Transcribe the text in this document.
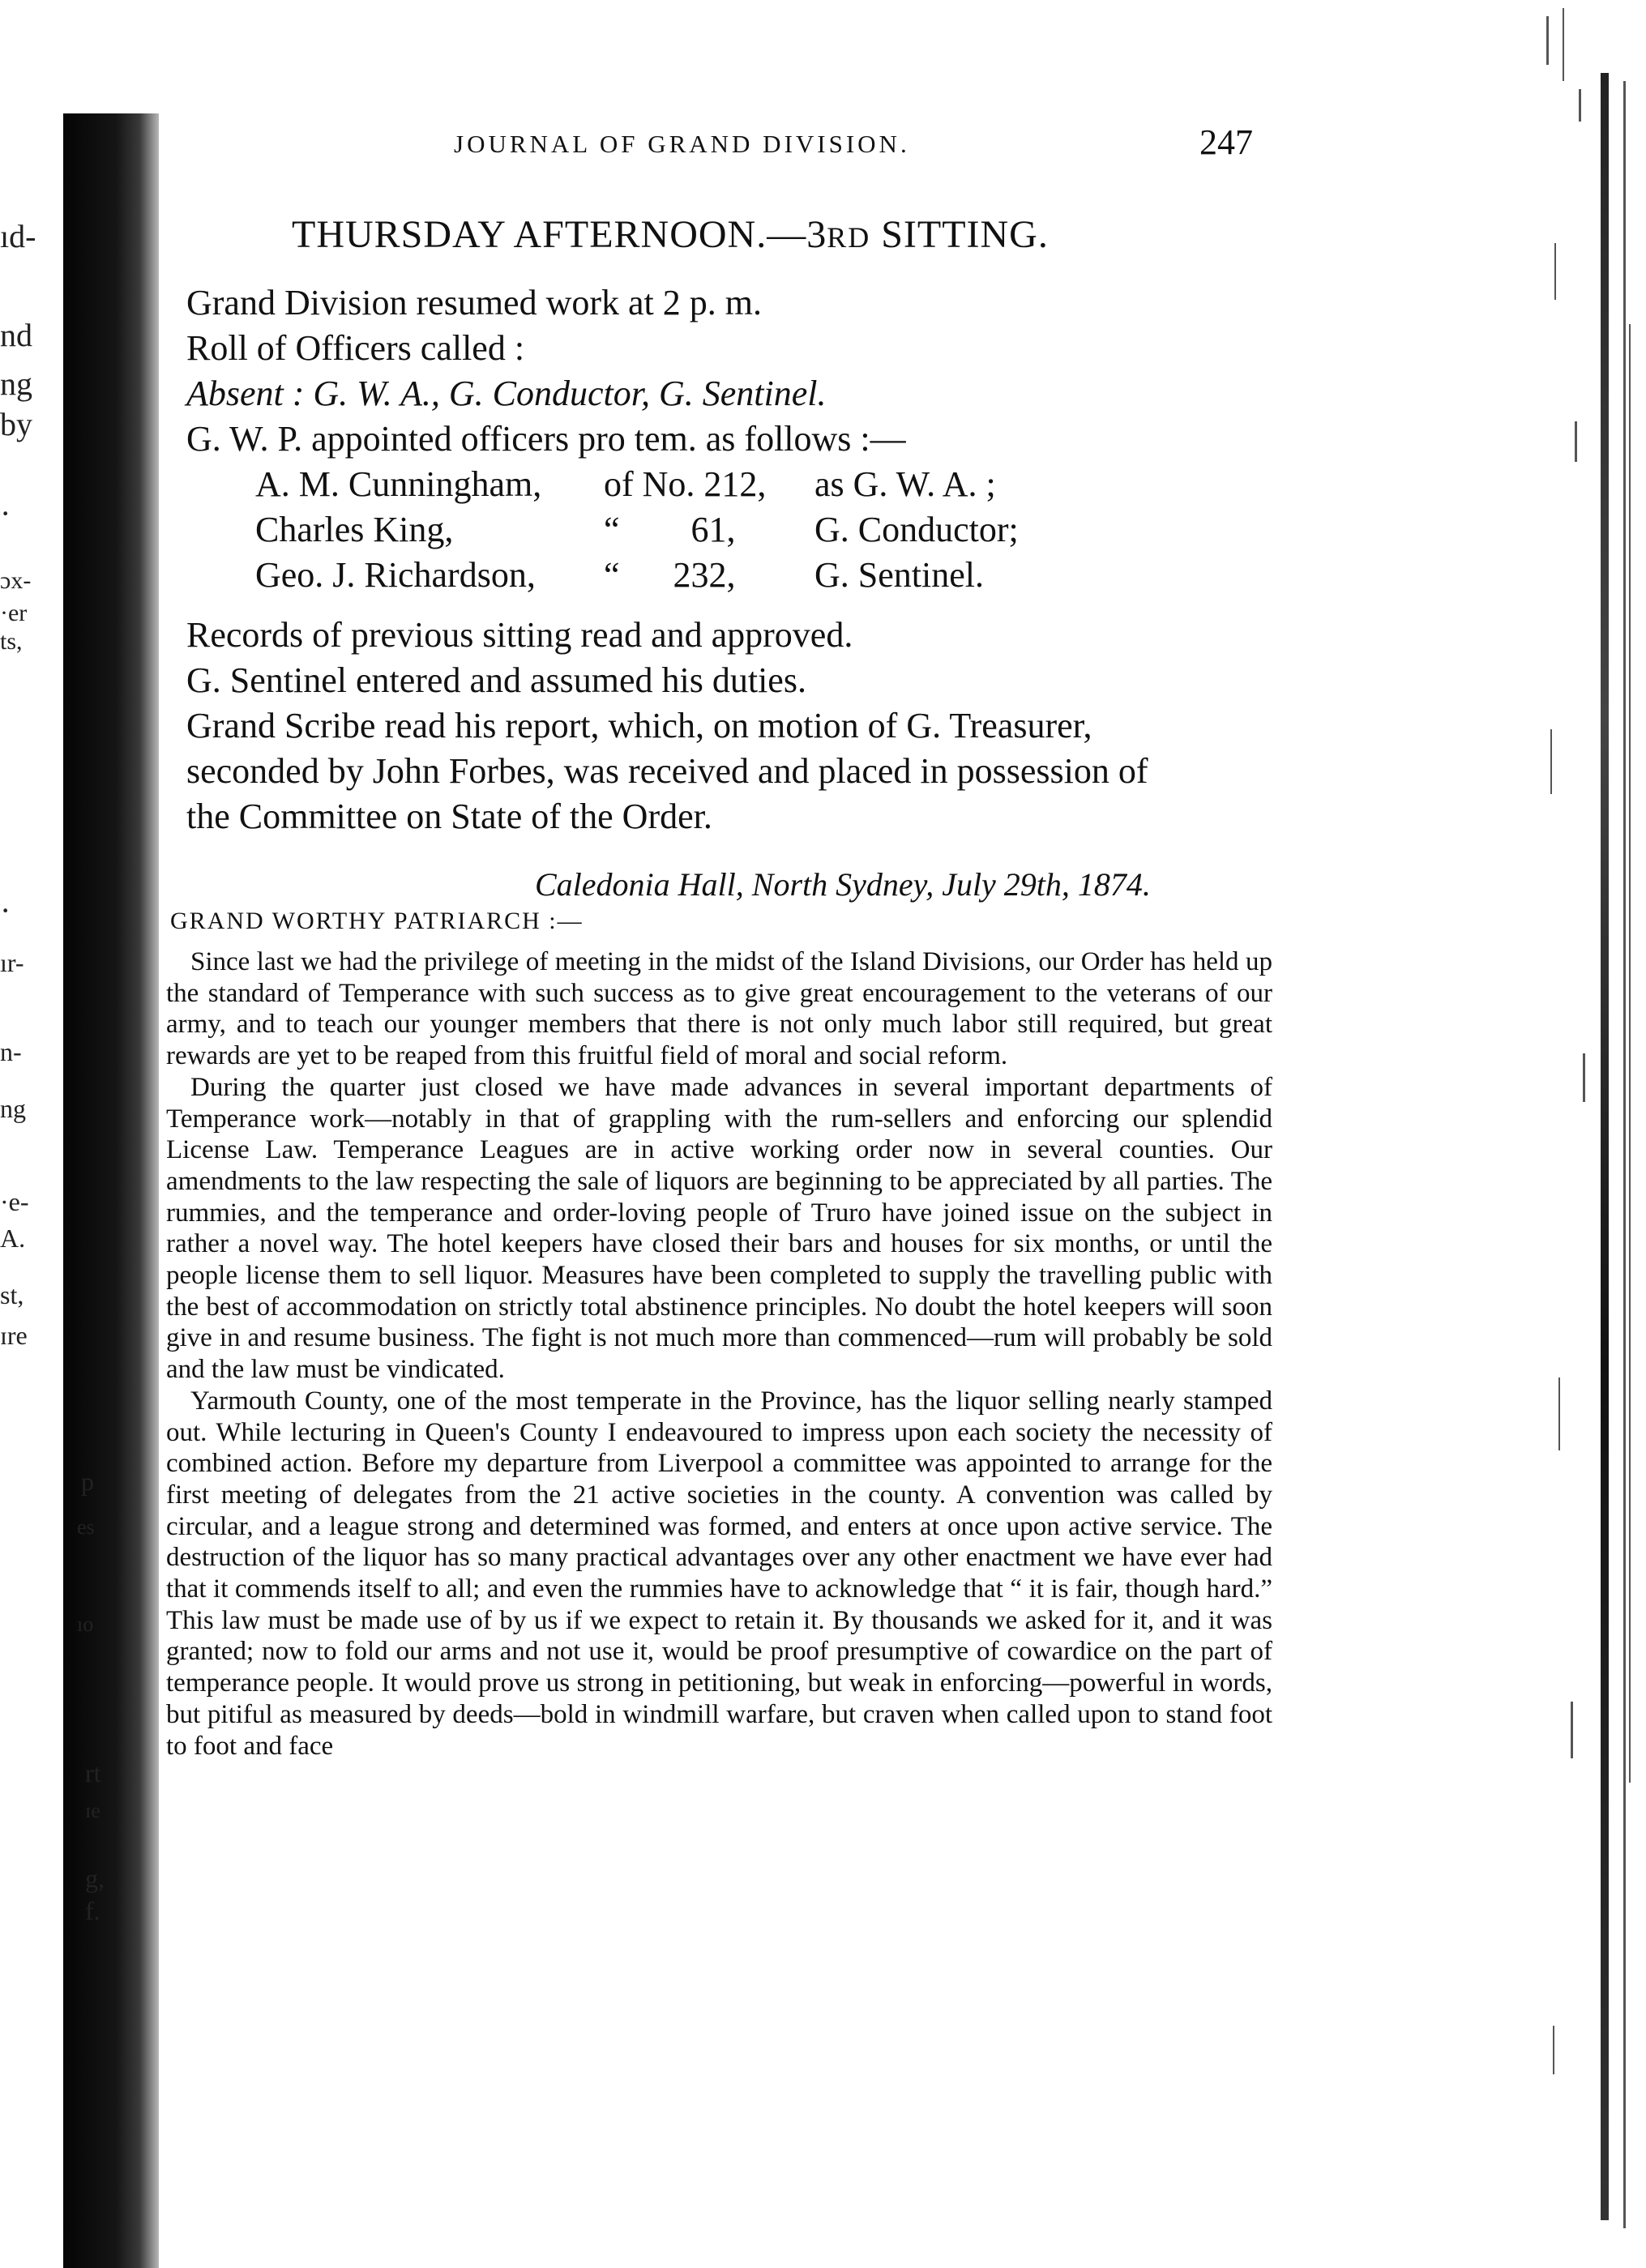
ıd-
nd
ng
by
·
ɔx-
·er
ts,
·
ır-
n-
ng
·e-
A.
st,
ɪre
p
es
ıo
rt
ɪe
g,
f.
JOURNAL OF GRAND DIVISION.	247
THURSDAY AFTERNOON.—3RD SITTING.
Grand Division resumed work at 2 p. m.
Roll of Officers called :
Absent : G. W. A., G. Conductor, G. Sentinel.
G. W. P. appointed officers pro tem. as follows :—
A. M. Cunningham, of No. 212, as G. W. A. ;
Charles King,	“        61, G. Conductor;
Geo. J. Richardson, “      232, G. Sentinel.
Records of previous sitting read and approved.
G. Sentinel entered and assumed his duties.
Grand Scribe read his report, which, on motion of G. Treasurer,
seconded by John Forbes, was received and placed in possession of
the Committee on State of the Order.
Caledonia Hall, North Sydney, July 29th, 1874.
GRAND WORTHY PATRIARCH :—

Since last we had the privilege of meeting in the midst of the Island Divisions, our Order has held up the standard of Temperance with such success as to give great encouragement to the veterans of our army, and to teach our younger members that there is not only much labor still required, but great rewards are yet to be reaped from this fruitful field of moral and social reform.

During the quarter just closed we have made advances in several important departments of Temperance work—notably in that of grappling with the rum-sellers and enforcing our splendid License Law. Temperance Leagues are in active working order now in several counties. Our amendments to the law respecting the sale of liquors are beginning to be appreciated by all parties. The rummies, and the temperance and order-loving people of Truro have joined issue on the subject in rather a novel way. The hotel keepers have closed their bars and houses for six months, or until the people license them to sell liquor. Measures have been completed to supply the travelling public with the best of accommodation on strictly total abstinence principles. No doubt the hotel keepers will soon give in and resume business. The fight is not much more than commenced—rum will probably be sold and the law must be vindicated.

Yarmouth County, one of the most temperate in the Province, has the liquor selling nearly stamped out. While lecturing in Queen's County I endeavoured to impress upon each society the necessity of combined action. Before my departure from Liverpool a committee was appointed to arrange for the first meeting of delegates from the 21 active societies in the county. A convention was called by circular, and a league strong and determined was formed, and enters at once upon active service. The destruction of the liquor has so many practical advantages over any other enactment we have ever had that it commends itself to all; and even the rummies have to acknowledge that “ it is fair, though hard.” This law must be made use of by us if we expect to retain it. By thousands we asked for it, and it was granted; now to fold our arms and not use it, would be proof presumptive of cowardice on the part of temperance people. It would prove us strong in petitioning, but weak in enforcing—powerful in words, but pitiful as measured by deeds—bold in windmill warfare, but craven when called upon to stand foot to foot and face
